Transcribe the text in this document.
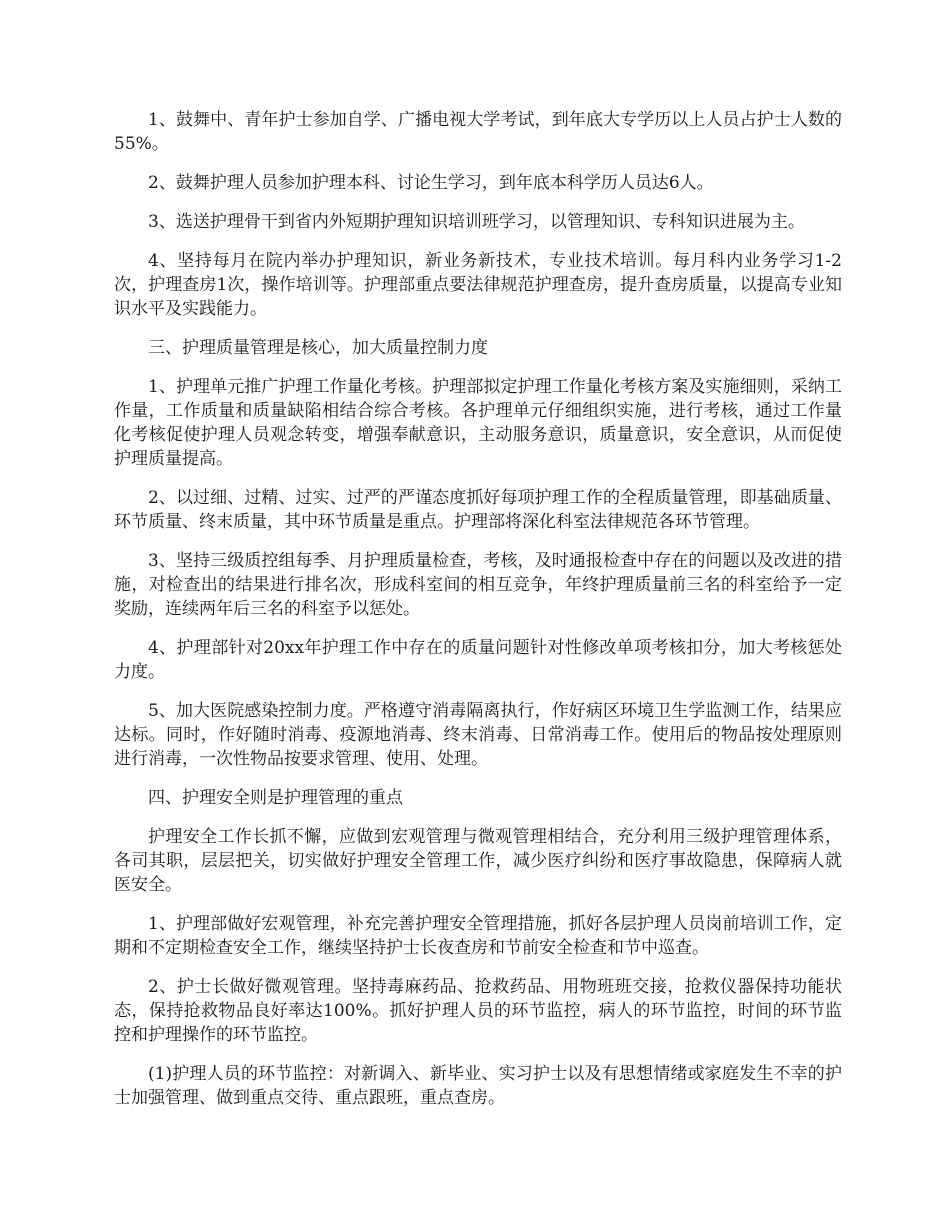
1、鼓舞中、青年护士参加自学、广播电视大学考试，到年底大专学历以上人员占护士人数的55%。

2、鼓舞护理人员参加护理本科、讨论生学习，到年底本科学历人员达6人。

3、选送护理骨干到省内外短期护理知识培训班学习，以管理知识、专科知识进展为主。

4、坚持每月在院内举办护理知识，新业务新技术，专业技术培训。每月科内业务学习1-2次，护理查房1次，操作培训等。护理部重点要法律规范护理查房，提升查房质量，以提高专业知识水平及实践能力。

三、护理质量管理是核心，加大质量控制力度

1、护理单元推广护理工作量化考核。护理部拟定护理工作量化考核方案及实施细则，采纳工作量，工作质量和质量缺陷相结合综合考核。各护理单元仔细组织实施，进行考核，通过工作量化考核促使护理人员观念转变，增强奉献意识，主动服务意识，质量意识，安全意识，从而促使护理质量提高。

2、以过细、过精、过实、过严的严谨态度抓好每项护理工作的全程质量管理，即基础质量、环节质量、终末质量，其中环节质量是重点。护理部将深化科室法律规范各环节管理。

3、坚持三级质控组每季、月护理质量检查，考核，及时通报检查中存在的问题以及改进的措施，对检查出的结果进行排名次，形成科室间的相互竞争，年终护理质量前三名的科室给予一定奖励，连续两年后三名的科室予以惩处。

4、护理部针对20xx年护理工作中存在的质量问题针对性修改单项考核扣分，加大考核惩处力度。

5、加大医院感染控制力度。严格遵守消毒隔离执行，作好病区环境卫生学监测工作，结果应达标。同时，作好随时消毒、疫源地消毒、终末消毒、日常消毒工作。使用后的物品按处理原则进行消毒，一次性物品按要求管理、使用、处理。

四、护理安全则是护理管理的重点

护理安全工作长抓不懈，应做到宏观管理与微观管理相结合，充分利用三级护理管理体系，各司其职，层层把关，切实做好护理安全管理工作，减少医疗纠纷和医疗事故隐患，保障病人就医安全。

1、护理部做好宏观管理，补充完善护理安全管理措施，抓好各层护理人员岗前培训工作，定期和不定期检查安全工作，继续坚持护士长夜查房和节前安全检查和节中巡查。

2、护士长做好微观管理。坚持毒麻药品、抢救药品、用物班班交接，抢救仪器保持功能状态，保持抢救物品良好率达100%。抓好护理人员的环节监控，病人的环节监控，时间的环节监控和护理操作的环节监控。

(1)护理人员的环节监控：对新调入、新毕业、实习护士以及有思想情绪或家庭发生不幸的护士加强管理、做到重点交待、重点跟班，重点查房。
